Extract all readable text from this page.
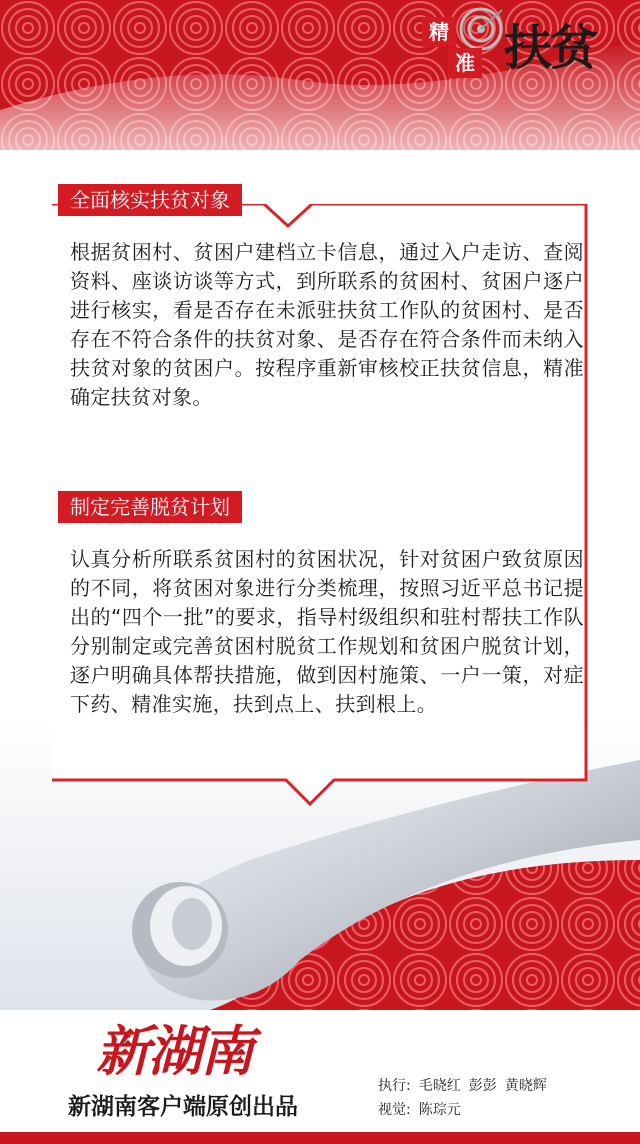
精
准 扶贫
全面核实扶贫对象
根据贫困村、贫困户建档立卡信息，通过入户走访、查阅资料、座谈访谈等方式，到所联系的贫困村、贫困户逐户进行核实，看是否存在未派驻扶贫工作队的贫困村、是否存在不符合条件的扶贫对象、是否存在符合条件而未纳入扶贫对象的贫困户。按程序重新审核校正扶贫信息，精准确定扶贫对象。
制定完善脱贫计划
认真分析所联系贫困村的贫困状况，针对贫困户致贫原因的不同，将贫困对象进行分类梳理，按照习近平总书记提出的“四个一批”的要求，指导村级组织和驻村帮扶工作队分别制定或完善贫困村脱贫工作规划和贫困户脱贫计划，逐户明确具体帮扶措施，做到因村施策、一户一策，对症下药、精准实施，扶到点上、扶到根上。
新湖南
新湖南客户端原创出品
执行: 毛晓红 彭彭 黄晓辉
视觉: 陈琮元
